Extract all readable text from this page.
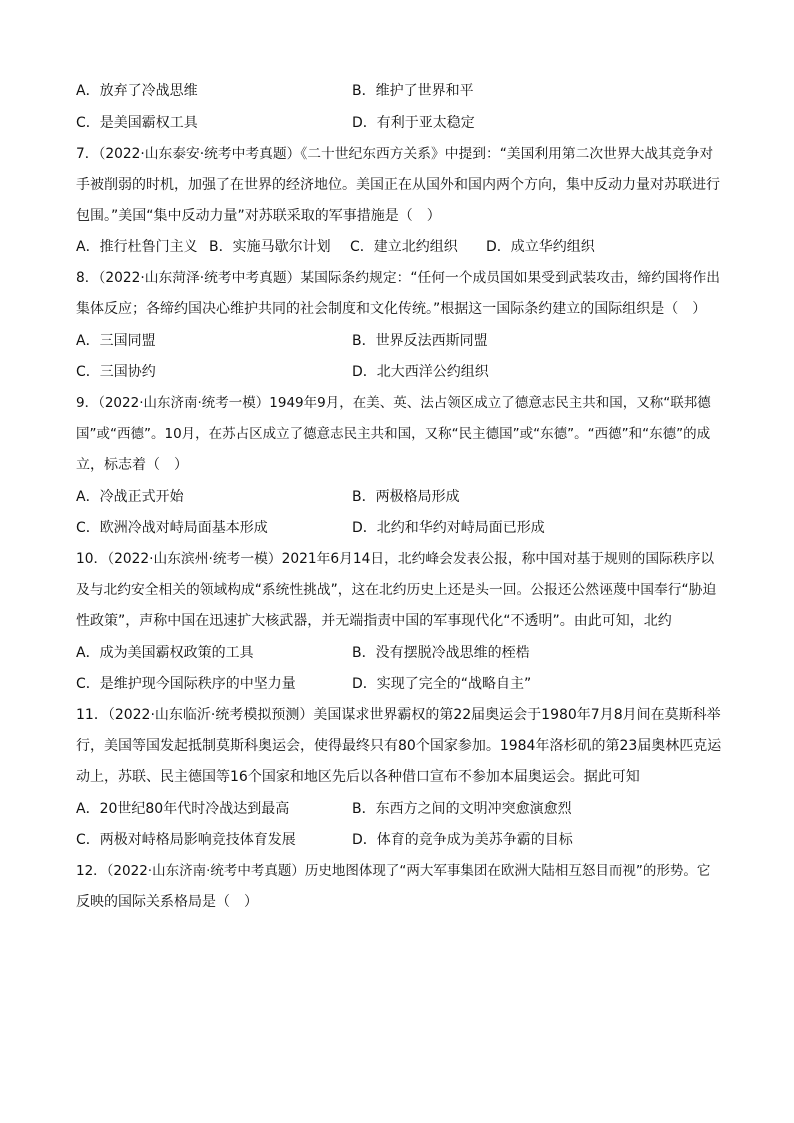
A．放弃了冷战思维	B．维护了世界和平
C．是美国霸权工具	D．有利于亚太稳定
7．（2022·山东泰安·统考中考真题）《二十世纪东西方关系》中提到：“美国利用第二次世界大战其竞争对
手被削弱的时机，加强了在世界的经济地位。美国正在从国外和国内两个方向，集中反动力量对苏联进行
包围。”美国“集中反动力量”对苏联采取的军事措施是（　）
A．推行杜鲁门主义 B．实施马歇尔计划 C．建立北约组织 D．成立华约组织
8．（2022·山东菏泽·统考中考真题）某国际条约规定：“任何一个成员国如果受到武装攻击，缔约国将作出
集体反应；各缔约国决心维护共同的社会制度和文化传统。”根据这一国际条约建立的国际组织是（　）
A．三国同盟	B．世界反法西斯同盟
C．三国协约	D．北大西洋公约组织
9．（2022·山东济南·统考一模）1949年9月，在美、英、法占领区成立了德意志民主共和国，又称“联邦德
国”或“西德”。10月，在苏占区成立了德意志民主共和国，又称“民主德国”或“东德”。“西德”和“东德”的成
立，标志着（　）
A．冷战正式开始	B．两极格局形成
C．欧洲冷战对峙局面基本形成	D．北约和华约对峙局面已形成
10．（2022·山东滨州·统考一模）2021年6月14日，北约峰会发表公报，称中国对基于规则的国际秩序以
及与北约安全相关的领域构成“系统性挑战”，这在北约历史上还是头一回。公报还公然诬蔑中国奉行“胁迫
性政策”，声称中国在迅速扩大核武器，并无端指责中国的军事现代化“不透明”。由此可知，北约
A．成为美国霸权政策的工具	B．没有摆脱冷战思维的桎梏
C．是维护现今国际秩序的中坚力量	D．实现了完全的“战略自主”
11．（2022·山东临沂·统考模拟预测）美国谋求世界霸权的第22届奥运会于1980年7月8月间在莫斯科举
行，美国等国发起抵制莫斯科奥运会，使得最终只有80个国家参加。1984年洛杉矶的第23届奥林匹克运
动上，苏联、民主德国等16个国家和地区先后以各种借口宣布不参加本届奥运会。据此可知
A．20世纪80年代时冷战达到最高	B．东西方之间的文明冲突愈演愈烈
C．两极对峙格局影响竞技体育发展	D．体育的竞争成为美苏争霸的目标
12．（2022·山东济南·统考中考真题）历史地图体现了“两大军事集团在欧洲大陆相互怒目而视”的形势。它
反映的国际关系格局是（　）
